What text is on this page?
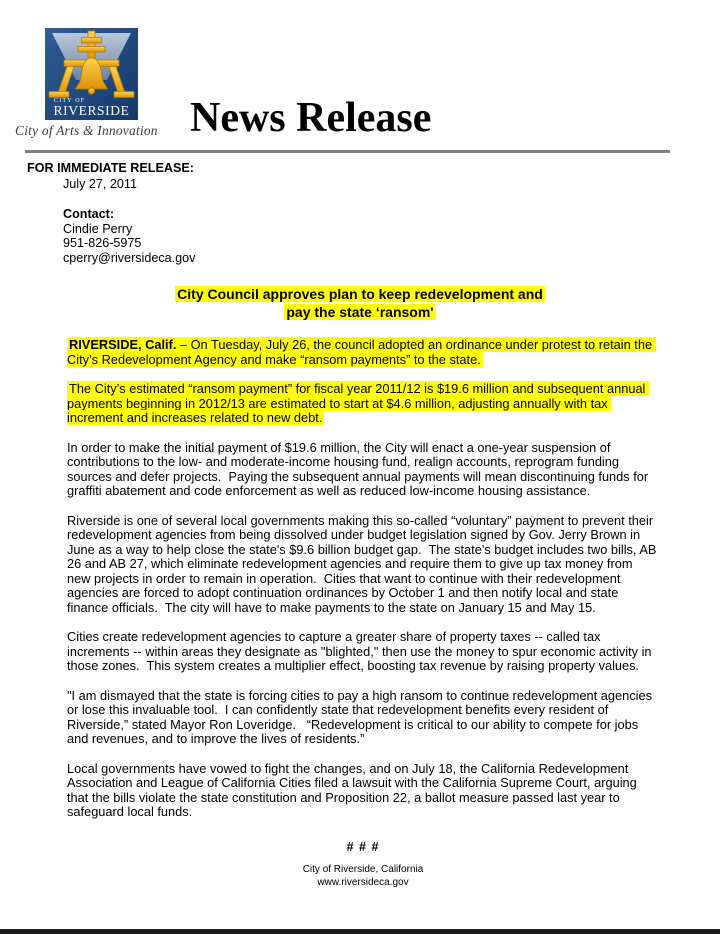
CITY OF
RIVERSIDE
City of Arts & Innovation News Release
FOR IMMEDIATE RELEASE:
July 27, 2011
Contact:
Cindie Perry
951-826-5975
cperry@riversideca.gov
City Council approves plan to keep redevelopment and
pay the state ‘ransom'

RIVERSIDE, Calif. – On Tuesday, July 26, the council adopted an ordinance under protest to retain the City’s Redevelopment Agency and make “ransom payments” to the state.

The City’s estimated “ransom payment” for fiscal year 2011/12 is $19.6 million and subsequent annual payments beginning in 2012/13 are estimated to start at $4.6 million, adjusting annually with tax increment and increases related to new debt.

In order to make the initial payment of $19.6 million, the City will enact a one-year suspension of contributions to the low- and moderate-income housing fund, realign accounts, reprogram funding sources and defer projects.  Paying the subsequent annual payments will mean discontinuing funds for graffiti abatement and code enforcement as well as reduced low-income housing assistance.

Riverside is one of several local governments making this so-called “voluntary” payment to prevent their redevelopment agencies from being dissolved under budget legislation signed by Gov. Jerry Brown in June as a way to help close the state's $9.6 billion budget gap.  The state's budget includes two bills, AB 26 and AB 27, which eliminate redevelopment agencies and require them to give up tax money from new projects in order to remain in operation.  Cities that want to continue with their redevelopment agencies are forced to adopt continuation ordinances by October 1 and then notify local and state finance officials.  The city will have to make payments to the state on January 15 and May 15.

Cities create redevelopment agencies to capture a greater share of property taxes -- called tax increments -- within areas they designate as "blighted," then use the money to spur economic activity in those zones.  This system creates a multiplier effect, boosting tax revenue by raising property values.

"I am dismayed that the state is forcing cities to pay a high ransom to continue redevelopment agencies or lose this invaluable tool.  I can confidently state that redevelopment benefits every resident of Riverside,” stated Mayor Ron Loveridge.   “Redevelopment is critical to our ability to compete for jobs and revenues, and to improve the lives of residents.”

Local governments have vowed to fight the changes, and on July 18, the California Redevelopment Association and League of California Cities filed a lawsuit with the California Supreme Court, arguing that the bills violate the state constitution and Proposition 22, a ballot measure passed last year to safeguard local funds.

# # #
City of Riverside, California
www.riversideca.gov
